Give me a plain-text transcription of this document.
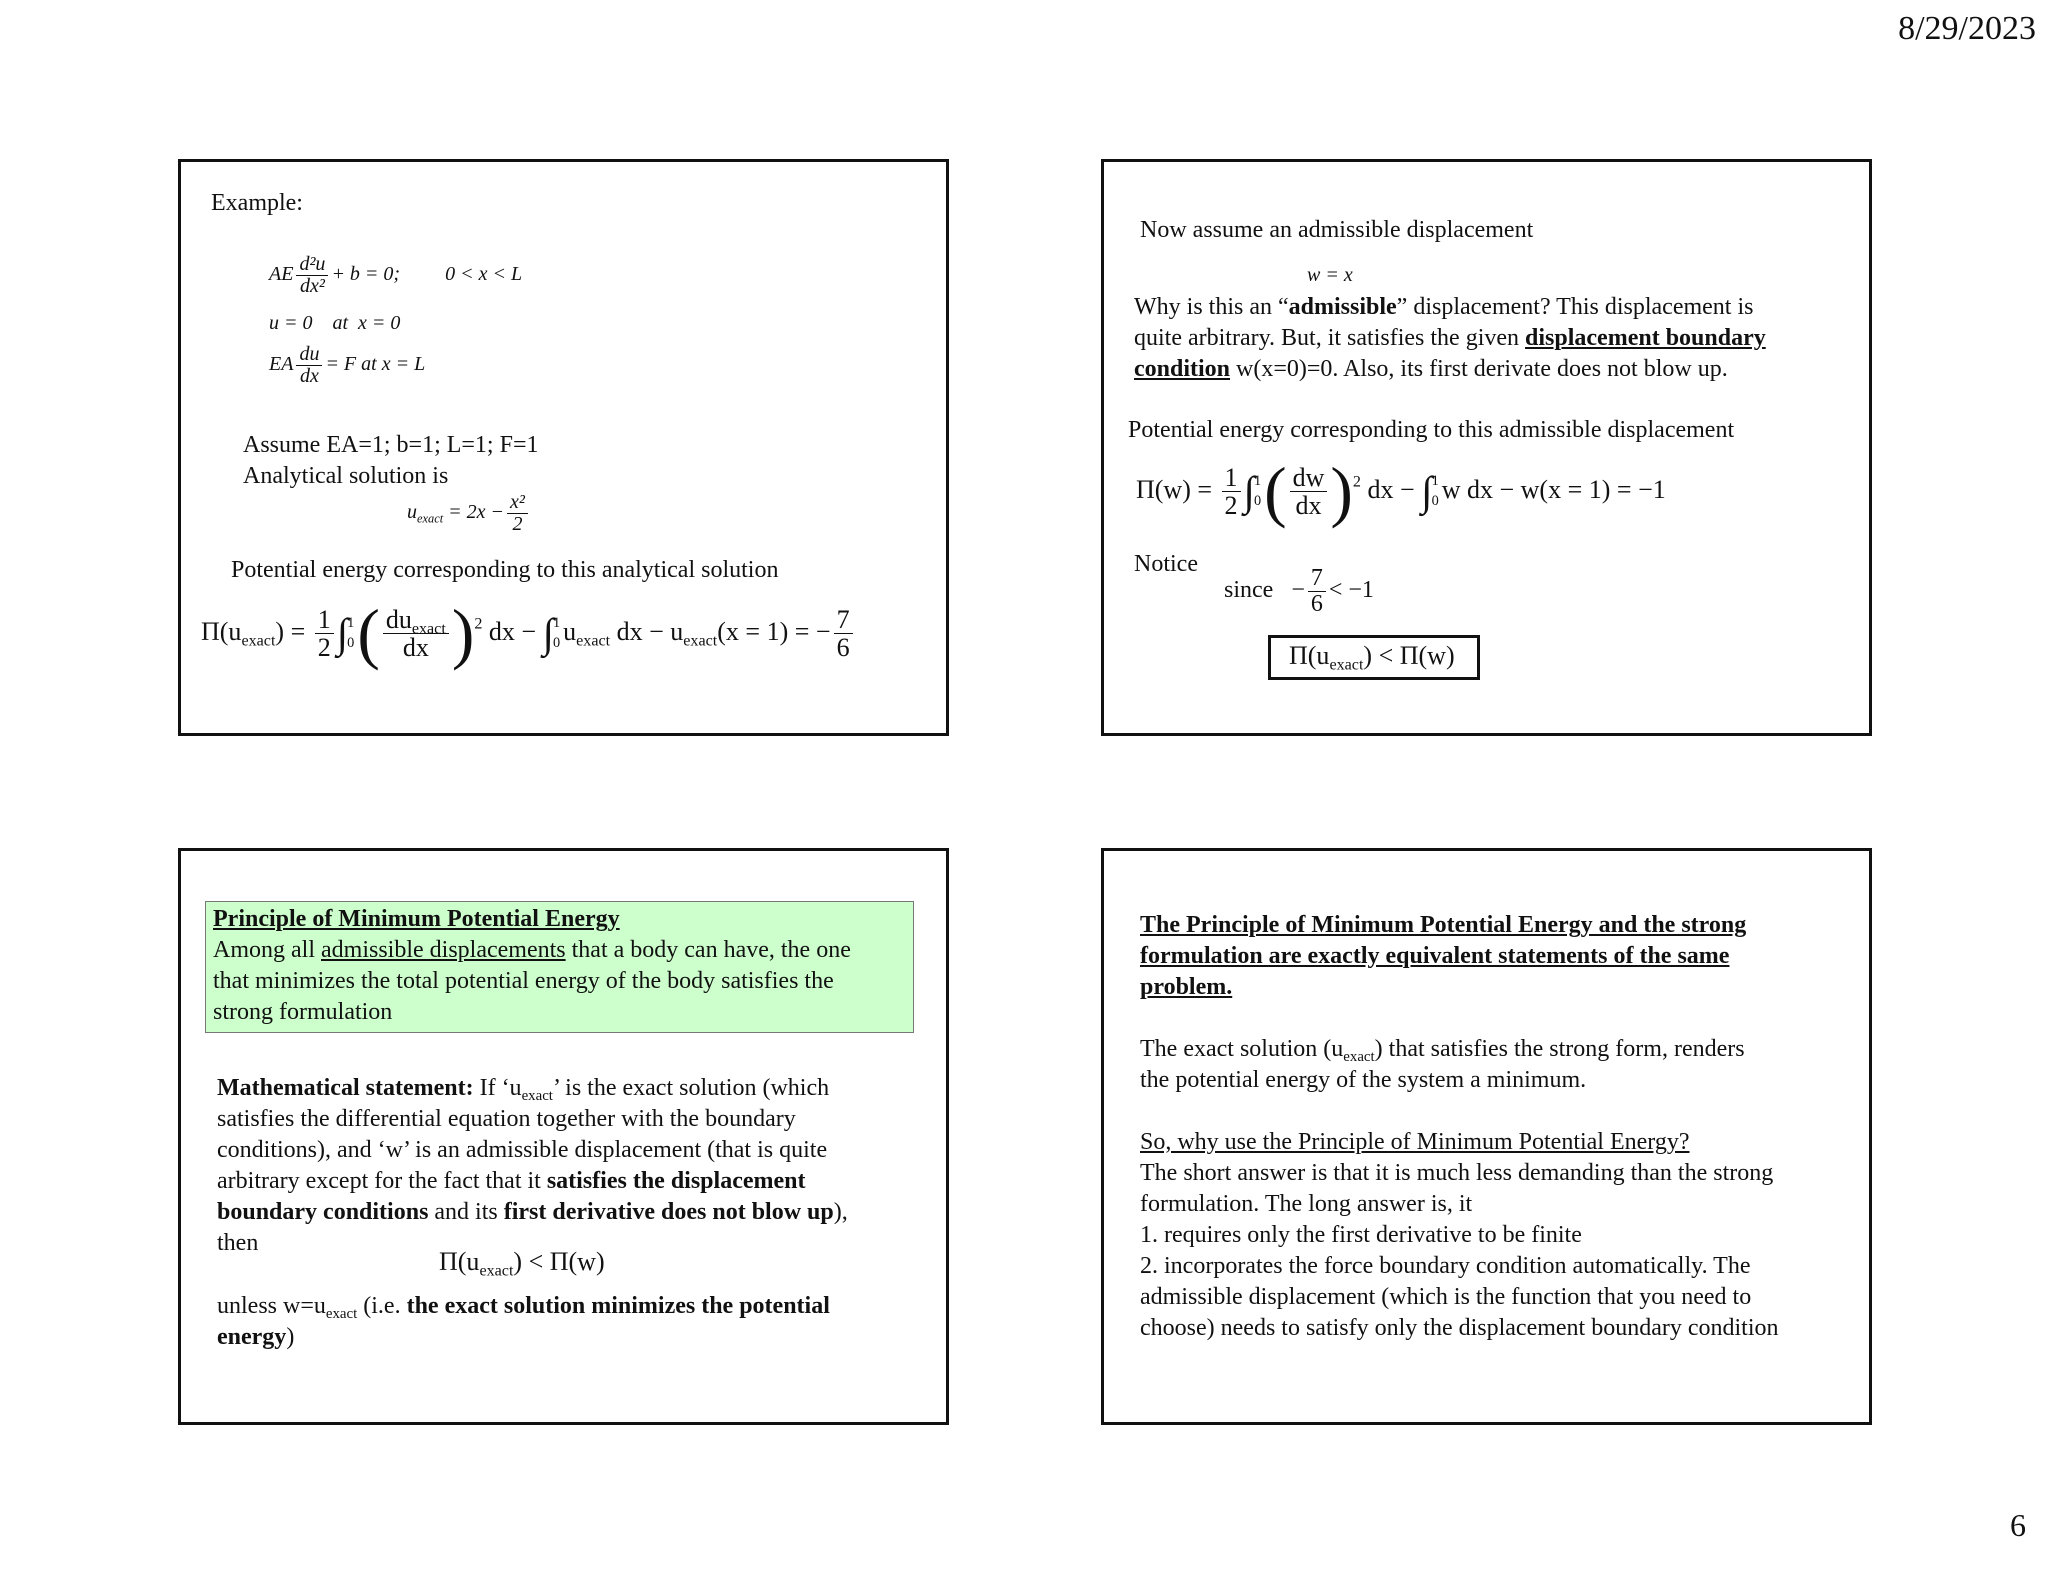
8/29/2023
Example:
AE $\frac{\text{d²u}}{\text{dx²}} + b = 0$; 0 < x < L
u = 0    at  x = 0
EA $\frac{du}{dx} = F$ at x = L
Assume EA=1; b=1; L=1; F=1
Analytical solution is
$u_{exact} = 2x - \frac{\text{x²}}{2}$
Potential energy corresponding to this analytical solution
$\Pi(u_{exact}) = \frac{1}{2}$ ∫ 1
0 ( $\frac{du_{exact}}{dx} )^2$ dx − ∫ 1
0 $u_{exact}$ dx − $u_{exact}(x = 1)$ = − $\frac{7}{6}$
Now assume an admissible displacement
w = x
Why is this an “admissible” displacement? This displacement is
quite arbitrary. But, it satisfies the given displacement boundary
condition w(x=0)=0. Also, its first derivate does not blow up.
Potential energy corresponding to this admissible displacement
$\Pi(w) = \frac{1}{2}$ ∫ 1
0 ( $\frac{dw}{dx} )^2$ dx − ∫ 1
0 w dx − w(x = 1) = −1
Notice
since − $\frac{7}{6} < -1$
$\Pi(u_{exact}) < \Pi(w)$
Principle of Minimum Potential Energy
Among all admissible displacements that a body can have, the one
that minimizes the total potential energy of the body satisfies the
strong formulation
Mathematical statement: If ‘$u_{exact}$’ is the exact solution (which
satisfies the differential equation together with the boundary
conditions), and ‘w’ is an admissible displacement (that is quite
arbitrary except for the fact that it satisfies the displacement
boundary conditions and its first derivative does not blow up),
then
$\Pi(u_{exact}) < \Pi(w)$
unless $w=u_{exact}$ (i.e. the exact solution minimizes the potential
energy)
The Principle of Minimum Potential Energy and the strong
formulation are exactly equivalent statements of the same
problem.
The exact solution $(u_{exact})$ that satisfies the strong form, renders
the potential energy of the system a minimum.
So, why use the Principle of Minimum Potential Energy?
The short answer is that it is much less demanding than the strong
formulation. The long answer is, it
1. requires only the first derivative to be finite
2. incorporates the force boundary condition automatically. The
admissible displacement (which is the function that you need to
choose) needs to satisfy only the displacement boundary condition
6
